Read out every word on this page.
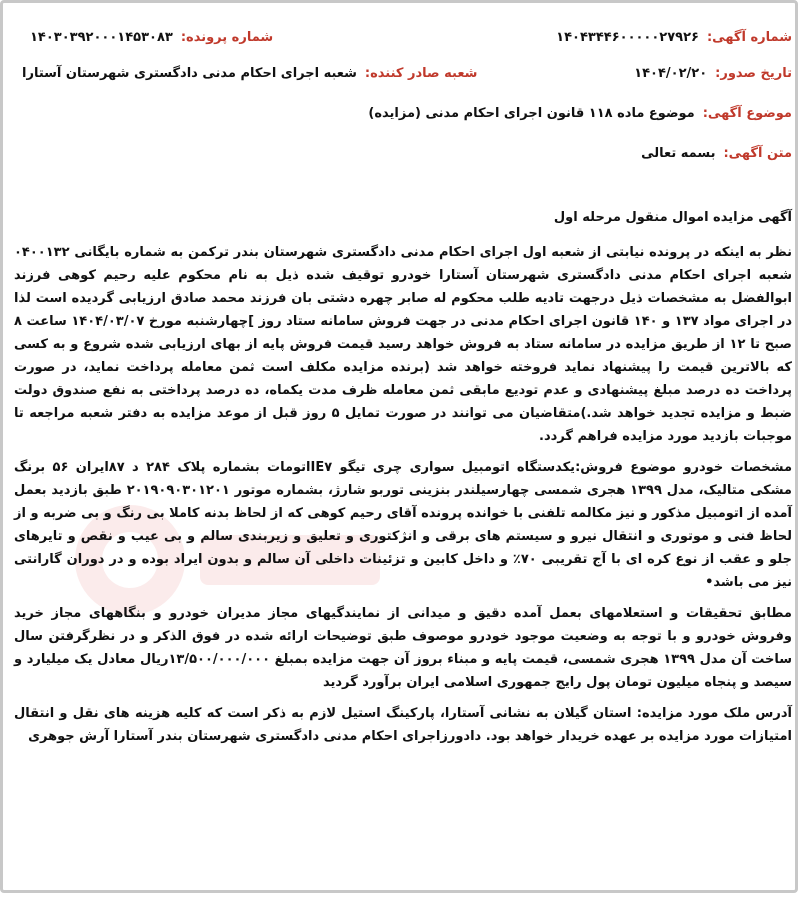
شماره آگهی:
۱۴۰۴۳۴۴۶۰۰۰۰۰۲۷۹۲۶
شماره پرونده:
۱۴۰۳۰۳۹۲۰۰۰۱۴۵۳۰۸۳
تاریخ صدور:
۱۴۰۴/۰۲/۲۰
شعبه صادر کننده:
شعبه اجرای احکام مدنی دادگستری شهرستان آستارا
موضوع آگهی:
موضوع ماده ۱۱۸ قانون اجرای احکام مدنی (مزایده)
متن آگهی:
بسمه تعالی

آگهی مزایده اموال منقول مرحله اول

نظر به اینکه در پرونده نیابتی از شعبه اول اجرای احکام مدنی دادگستری شهرستان بندر ترکمن به شماره بایگانی ۰۴۰۰۱۳۲ شعبه اجرای احکام مدنی دادگستری شهرستان آستارا خودرو توقیف شده ذیل به نام محکوم علیه رحیم کوهی فرزند ابوالفضل به مشخصات ذیل درجهت تادیه طلب محکوم له صابر چهره دشتی بان فرزند محمد صادق ارزیابی گردیده است لذا در اجرای مواد ۱۳۷ و ۱۴۰ قانون اجرای احکام مدنی در جهت فروش سامانه ستاد روز ]چهارشنبه مورخ ۱۴۰۴/۰۳/۰۷ ساعت ۸ صبح تا ۱۲ از طریق مزایده در سامانه ستاد به فروش خواهد رسید قیمت فروش پایه از بهای ارزیابی شده شروع و به کسی که بالاترین قیمت را پیشنهاد نماید فروخته خواهد شد (برنده مزایده مکلف است ثمن معامله پرداخت نماید، در صورت پرداخت ده درصد مبلغ پیشنهادی و عدم تودیع مابقی ثمن معامله ظرف مدت یکماه، ده درصد پرداختی به نفع صندوق دولت ضبط و مزایده تجدید خواهد شد.)متقاضیان می توانند در صورت تمایل ۵ روز قبل از موعد مزایده به دفتر شعبه مراجعه تا موجبات بازدید مورد مزایده فراهم گردد.

مشخصات خودرو موضوع فروش:یکدستگاه اتومبیل سواری چری تیگو IE۷اتومات بشماره پلاک ۲۸۴ د ۸۷ایران ۵۶ برنگ مشکی متالیک، مدل ۱۳۹۹ هجری شمسی چهارسیلندر بنزینی توربو شارژ، بشماره موتور ۲۰۱۹۰۹۰۳۰۱۲۰۱ طبق بازدید بعمل آمده از اتومبیل مذکور و نیز مکالمه تلفنی با خوانده پرونده آقای رحیم کوهی که از لحاظ بدنه کاملا بی رنگ و بی ضربه و از لحاظ فنی و موتوری و انتقال نیرو و سیستم های برقی و انژکتوری و تعلیق و زیربندی سالم و بی عیب و نقص و تایرهای جلو و عقب از نوع کره ای با آج تقریبی ۷۰٪ و داخل کابین و تزئینات داخلی آن سالم و بدون ایراد بوده و در دوران گارانتی نیز می باشد•

مطابق تحقیقات و استعلامهای بعمل آمده دقیق و میدانی از نمایندگیهای مجاز مدیران خودرو و بنگاههای مجاز خرید وفروش خودرو و با توجه به وضعیت موجود خودرو موصوف طبق توضیحات ارائه شده در فوق الذکر و در نظرگرفتن سال ساخت آن مدل ۱۳۹۹ هجری شمسی، قیمت پایه و مبناء بروز آن جهت مزایده بمبلغ ۱۳/۵۰۰/۰۰۰/۰۰۰ریال معادل یک میلیارد و سیصد و پنجاه میلیون تومان پول رایج جمهوری اسلامی ایران برآورد گردید

آدرس ملک مورد مزایده: استان گیلان به نشانی آستارا، پارکینگ استیل لازم به ذکر است که کلیه هزینه های نقل و انتقال امتیازات مورد مزایده بر عهده خریدار خواهد بود. دادورزاجرای احکام مدنی دادگستری شهرستان بندر آستارا آرش جوهری
